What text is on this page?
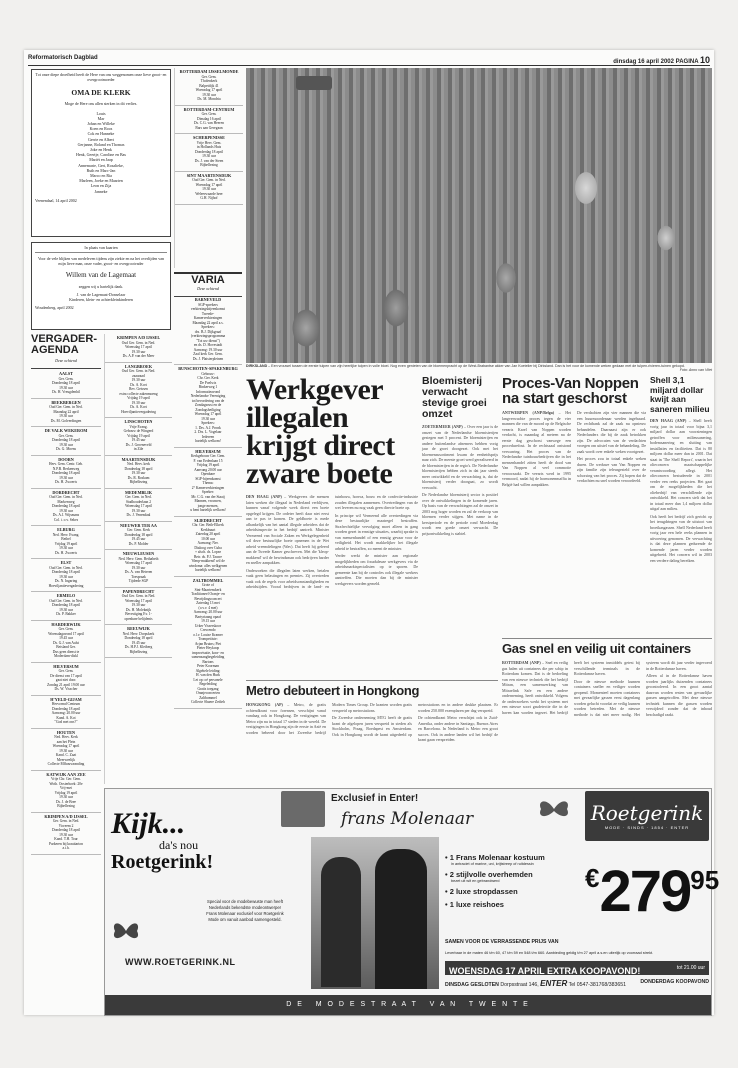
Reformatorisch Dagblad
dinsdag 16 april 2002 PAGINA 10

Tot onze diepe droefheid heeft de Here van ons weggenomen onze lieve groot- en overgrootmoeder

OMA DE KLERK

Moge de Here ons allen sterken in dit verlies.

Louis

Mar

Johan en Willeke

Koen en Roos

Cok en Hanneke

Gerrie en Albert

Gerjanne, Roland en Thomas

Joke en Henk

Henk, Geertje, Caroline en Bas

Mariët en Jaap

Annemarie, Gert, Rosalieke,

Ruth en Marc-Jan

Marco en Ria

Marleen, Joeke en Maarten

Leon en Zija

Janneke

Veenendaal, 14 april 2002

In plaats van kaarten

Voor de vele blijken van medeleven tijdens zijn ziekte en na het overlijden van mijn lieve man, onze vader, groot- en overgrootvader

Willem van de Lagemaat

zeggen wij u hartelijk dank.

J. van de Lagemaat-Donselaar
Kinderen, klein- en achterkleinkinderen

Woudenberg, april 2002

VERGADER-AGENDA
Deze ochtend
AALST
Ger. Gem.
Donderdag 18 april
19.30 uur
Ds. H. Vreugdenhil
BEEKBERGEN
Oud Ger. Gem. in Ned.
Maandag 22 april
19.30 uur
Ds. M. Golverdingen
DE VALK WEKEROM
Ger. Gem.
Donderdag 18 april
19.30 uur
Ds. G. Moens
DOORN
Herv. Gem. Centr. Geb.
N.P.B. Berkenweg
Donderdag 18 april
19.30 uur
Ds. H. Zwoerts
DORDRECHT
Oud Ger. Gem. in Ned.
Markenweg
Donderdag 18 april
19.30 uur
Ds. A.J. Wijsmans
Col. i. o.v. Sekes
ELBURG
Ned. Herv. Evang.
Bethel
Vrijdag 19 april
19.30 uur
Ds. H. Zwoerts
ELST
Oud Ger. Gem. in Ned.
Donderdag 18 april
19.30 uur
Ds. N. Ingaring
Hoeviljantievergadering
ERMELO
Oud Ger. Gem. in Ned.
Donderdag 18 april
19.30 uur
Ds. P. Bakker
HARDERWIJK
Ger. Gem.
Woensdagavond 17 april
19.45 uur
Ds. G.J. van Aalst
Beisland Ger.
Dus geen dienst te
Moderdam-diskl
HILVERSUM
Ger. Gem.
De dienst van 17 april
gaat niet door.
Zondag 21 april 19.00 uur
Ds. W. Visscher
H'YELD-GIJAM
Hervormd Centrum
Donderdag 18 april
Aanvang: 20.00 uur
Kand. A. Kot
"God met ons?"
HOUTEN
Ned. Herv. Kerk
aan het Plein
Woensdag 17 april
19.30 uur
Kand. C. Zaat
Meerweelijk
Collecte Mfhouweanding
KATWIJK AAN ZEE
Vrije Chr. Ger. Gem.
Woth. Oosterhoek: 20e
Vrij-mei
Vrijdag 19 april
19.30 uur
Ds. J. de Bree
Bijbellezing
KRIMPEN A/D IJSSEL
Ger. Gem. in Ned.
Vicreem 2
Donderdag 18 april
19.30 uur
Kand. T.H. Tour
Parkeren bij kraaitarion
a.i.h.
KRIMPEN A/D IJSSEL
Oud Ger. Gem. in Ned.
Woensdag 17 april
19.30 uur
Ds. A.P. van der Meer
LANGBROEK
Oud Ger. Gem. in Ned.
zaaaraad
19.30 uur
Ds. A. Kort
Rev. Geissen
extra collecte zakenmoeng
Vrijdag 19 april
19.30 uur
Ds. A. Kort
Hoeviljantievergadering
LINSCHOTEN
Vrije Evang.
Gebouw de Wingerd
Vrijdag 19 april
19.45 uur
Ds. J. Groeneveld
in Zile
MAARTENSDIJK
Ned. Herv. kerk
Donderdag 18 april
19.30 uur
Ds. R. Roskam
Bijbellezing
MEDEMBLIK
Ger. Gem. in Ned.
Stadhouderlaan 2
Woensdag 17 april
19.30 uur
Ds. J. Venendaal
NIEUWER TER AA
Ger. Gem. Kerk
Donderdag 18 april
19.45 uur
Ds. P. Molder
NIEUWLEUSEN
Ned. Herv. Gem. Bethabeth
Woensdag 17 april
19.30 uur
Ds. A. van Heteren
Toespraak
Tijdrede SGP
PAPENDRECHT
Oud Ger. Gem. in Ned.
Woensdag 17 april
19.30 uur
Ds. H. Moleknijk
Bevestiging Ev. 1-
openbare belijdenis
REEUWIJK
Ned. Herv. Dorpskerk
Donderdag 18 april
19.45 uur
Ds. H.P.J. Kleiberg
Bijbellezing
ROTTERDAM IJSSELMONDE
Ger. Gem.
Tholenkerk
Balpetdijk 41
Woensdag 17 april
19.30 uur
Ds. M. Mondria
ROTTERDAM-CENTRUM
Ger. Gem.
Dinsdag 16 april
Ds. C.G. van Heeren
Bars aan Geregaan
SCHERPENISSE
Vrije Herv. Gem.
in Hollands Huis
Donderdag 18 april
19.30 uur
Ds. J. van der Steen
Bijbellezing
SINT MAARTENSDIJK
Oud Ger. Gem. in Ned.
Woensdag 17 april
19.30 uur
Weleerwaarde heer
G.H. Nijhof
VARIA
Deze ochtend
BARNEVELD
SGP-sprekers
verkiezingsbijeenkomst
Tweede-
Kamerverkiezingen
Maandag 22 april a.s.
Sprekers:
drs. B.J. Dijkgraaf
(verkiezingsprogramma
"Tot uw dienst")
en ds. D. Hovestadt
Aanvang: 19.30 uur
Zaal kerk Ger. Gem.
Ds. J. Plaisierpleinen
BUNSCHOTEN-SPAKENBURG
Gebouw:
Chr. Ger. Kerk
De Poelwis
Binkerweg 1
Informatieavond
Nederlandse Vereniging
tot bevordering van de
Zondagsrust en de
Zondagsheiliging
Woensdag 17 april
19.30 uur
Sprekers:
1. Drs. A.J. Pronk
2. Drs. L. Vogelaar
Iedereen
hartelijk welkom!
HILVERSUM
Kerkgebouw Ger. Gem.
F. van Eedenlaan 15
Vrijdag 19 april
Aanvang 20.00 uur
Openbare
SGP-bijeenkomst
Thema:
2° Kamerverkiezingen
Spreker:
Mr. C.G. van der Staaij
Mannen, vrouwen,
jonge mensen,
u bent hartelijk welkom!
SLIEDRECHT
Chr. Ger. Beth-Elkerk
Kerkbuurt
Zaterdag 20 april
10.00 uur
Aanvang: Ner.
Dialoog over Cuba
+ alsch. ds. Lopez
Betr. ds. P.J. Tauwe
'Sleop-makkend' wil de
windoma: alles welkgenen
hartelijk welkom!
ZALTBOMMEL
Grote of
Sint-Maartenskerk
Traditioneel Oranje- en
Bevrijdingsconcert
Zaterdag 13 mei
(o.v.v. 4 mei)
Aanvang: 20.00 uur
Bartyriaang opaaf
19.15 uur
Urker Visserskoor
Crescendo
o.l.v. Louise Kramer
Trompettiste:
Arjan Bruins; Piet
Pieter Heykoop
improvisatie, koor- en
samenzangbegeleiding
Bartons
Peter Koorman
Algehele leiding:
H. van den Hurk
Let op: oé personele
Begeleiding
Gratis toegang
Oranjeconcerten
Zaltbommel
Collecte Shuere Zedieh
DIRKSLAND – Een vrouwel tussen de eerste tulpen van zijn heerlijke tulpen in volle bloei. Nog even genieten van de bloemenpracht op de West-Brabantse akker van Jan Koetelier bij Dirksland. Dan is het voor de komende weken gedaan met de tulpen-rivieren-tuinen gekopd.
Foto: Anno van Vliet
Werkgever illegalen krijgt direct zware boete

DEN HAAG (ANP) – Werkgevers die mensen laten werken die illegaal in Nederland verblijven, kunnen vanaf volgende week direct een boete opgelegd krijgen. De ordeter heeft daar niet eerst aan te pas te komen. De geldboete is mede afhankelijk van het aantal illegale arbeiders dat de arbeidsinspectie in het bedrijf aantreft. Minister Vermeend van Sociale Zaken en Werkgelegenheid wil deze bestuurlijke boete opnemen in de Wet arbeid vreemdelingen (Wav). Dat heeft hij geleerd aan de Tweede Kamer geschreven. Met die 'kleop-makkend' wil de bewindsman ook bedrijven harder en sneller aanpakken.

Onderzoeken die illegalen laten werken, betalen vaak geen belastingen en premies. Zij overtreden vaak ook de regels voor arbeidsomstandigheden en arbeidstijden. Vooral bedrijven in de land- en tuinbouw, horeca, bouw en de confectie-industrie zouden illegalen aannemen. Overtredingen van de wet leveren nu nog vaak geen directe boete op.

In principe wil Vermeend alle overtredingen via deze bestuurlijke maatregel bestraffen. Strafrechtelijke vervolging moet alleen in gang worden gezet in ernstige situaties, waarbij sprake is van mensenhandel of een ernstig gevaar voor de veiligheid. Het wordt makkelijker het illegale arbeid te bestraffen, zo meent de minister.

Verder werkt de minister aan regionale mogelijkheden om frauduleuze werkgevers via de arbeidsmarktspecialisten op te sporen. De gemeente kan bij de controles ook illegale werkers aantreffen. Die moeten dan bij de minister werkgevers worden gemeld.

Bloemisterij verwacht stevige groei omzet

ZOETERMEER (ANP) – Over een jaar is de omzet van de Nederlandse bloemisterijen gestegen met 5 procent. De bloemisterijen en andere buitenlandse afnemers hebben vorig jaar de groei doorgezet. Ook met het bloemenassortiment kwam de eenheidsprijs naar zich. De meeste groei werd gerealiseerd in de bloemisterijen in de regio's. De Nederlandse bloemisterijen hebben zich in dat jaar steeds meer ontwikkeld en de verwachting is, dat de bloemisterij verder doorgaat, zo wordt verwacht.

De Nederlandse bloemisterij sector is positief over de ontwikkelingen in de komende jaren. Op basis van de verwachtingen zal de omzet in 2003 nog hoger worden en zal de verkoop van bloemen verder stijgen. Met name in de kerstperiode en de periode rond Moederdag wordt een goede omzet verwacht. De prijsontwikkeling is stabiel.

Proces-Van Noppen na start geschorst

ANTWERPEN (ANP/Belga) – Het langverwachte proces tegen de vier mannen die van de moord op de Belgische veearts Karel van Noppen worden verdacht, is maandag al meteen na de eerste dag geschorst vanwege een procedurefout. In de rechtszaal ontstond verwarring. Het proces van de Nederlandse tuinbouwbedrijven die in het mensenhandel zitten heeft de dood van Van Noppen al veel commotie veroorzaakt. De veearts werd in 1995 vermoord, nadat hij de hormonenmaffia in België had willen aanpakken.

De verdachten zijn vier mannen die via een huurmoordenaar werden ingehuurd. De rechtbank zal de zaak nu opnieuw behandelen. Daarnaast zijn er ook Nederlanders die bij de zaak betrokken zijn. De advocaten van de verdachten vroegen om uitstel van de behandeling. De zaak wordt over enkele weken voortgezet.

Het proces zou in totaal enkele weken duren. De weduwe van Van Noppen en zijn familie zijn teleurgesteld over de schorsing van het proces. Zij hopen dat de verdachten nu snel worden veroordeeld.

Shell 3,1 miljard dollar kwijt aan saneren milieu

DEN HAAG (ANP) – Shell heeft vorig jaar in totaal voor bijna 3,1 miljard dollar aan voorzieningen getroffen voor milieusanering, bodemsanering en sluiting van installaties en faciliteiten. Dat is 80 miljoen dollar meer dan in 2001. Dat staat in 'The Shell Report', waarin het olieconcern maatschappelijke verantwoording aflegt. Het olieconcern bestudeerde in 2001 verder een reeks projecten. Het gaat om de mogelijkheden die het oliebedrijf van verschillende zijn ontwikkeld. Het concern stelt dat het in totaal meer dan 1,4 miljoen dollar uitgaf aan milieu.

Ook heeft het bedrijf zich gericht op het terugdringen van de uitstoot van broeikasgassen. Shell Nederland heeft vorig jaar een hele reeks plannen in uitvoering genomen. De verwachting is dat deze plannen gedurende de komende jaren verder worden uitgebreid. Het concern wil in 2003 een verdere daling bereiken.

Gas snel en veilig uit containers

ROTTERDAM (ANP) – Snel en veilig gas halen uit containers die per schip in Rotterdam komen. Dat is de bedoeling van een nieuwe techniek die het bedrijf Mitran, een samenwerking van Mitraelink Safe en een andere onderneming, heeft ontwikkeld. Volgens de onderzoekers werkt het systeem met een nieuwe soort gasdetectie die in de haven kan worden ingezet. Het bedrijf heeft het systeem inmiddels getest bij verschillende terminals in de Rotterdamse haven.

Door de nieuwe methode kunnen containers sneller en veiliger worden geopend. Momenteel moeten containers met gevaarlijke gassen eerst dagenlang worden gelucht voordat ze veilig kunnen worden betreden. Met de nieuwe methode is dat niet meer nodig. Het systeem wordt dit jaar verder ingevoerd in de Rotterdamse haven.

Alleen al in de Rotterdamse haven worden jaarlijks duizenden containers gecontroleerd. In een groot aantal daarvan worden resten van gevaarlijke gassen aangetroffen. Met deze nieuwe techniek kunnen die gassen worden verwijderd zonder dat de inhoud beschadigd raakt.

Metro debuteert in Hongkong

HONGKONG (AP) – Metro, de gratis ochtendkrant voor forensen, verschijnt vanaf vandaag ook in Hongkong. De vestigingen van Metro zijn nu in totaal 17 steden in de wereld. De vestigingen in Hongkong zijn de eerste in Azië en worden beheerd door het Zweedse bedrijf Modern Times Group. De kranten worden gratis verspreid op metrostations.

De Zweedse onderneming MTG heeft de gratis krant de afgelopen jaren verspreid in steden als Stockholm, Praag, Boedapest en Amsterdam. Ook in Hongkong wordt de krant uitgedeeld op metrostations en in andere drukke plaatsen. Er worden 250.000 exemplaren per dag verspreid.

De ochtendkrant Metro verschijnt ook in Zuid-Amerika, onder andere in Santiago, Buenos Aires en Barcelona. In Nederland is Metro een groot succes. Ook in andere landen wil het bedrijf de krant gaan verspreiden.

Kijk...
da's nou
Roetgerink!
Special voor de modebewuste man heeft
Nederlands bekendste modeontwerper
Frans Molenaar exclusief voor Roetgerink
Mode om vanuit aanbod samengesteld.
WWW.ROETGERINK.NL
Exclusief in Enter!
frans Molenaar	Roetgerink
MODE · SINDS · 1854 · ENTER
• 1 Frans Molenaar kostuum
in antraciet of marine, uni, krijtstreep of ruitdessin
• 2 stijlvolle overhemden
bezet uit wit en gebrandwerd
• 2 luxe stropdassen
• 1 luxe reishoes
SAMEN VOOR DE VERRASSENDE PRIJS VAN
€27995
Leverbaar in de maten 46 t/m 60, 47 t/m 59 en 548 t/m 660. Aanbieding geldig t/m 27 april a.s.en uiterlijk op voorraad strekt.
WOENSDAG 17 APRIL EXTRA KOOPAVOND!	tot 21.00 uur
DINSDAG GESLOTEN Dorpsstraat 146, ENTER Tel 0547-381768/383651	DONDERDAG KOOPAVOND
D E   M O D E S T R A A T   V A N   T W E N T E
